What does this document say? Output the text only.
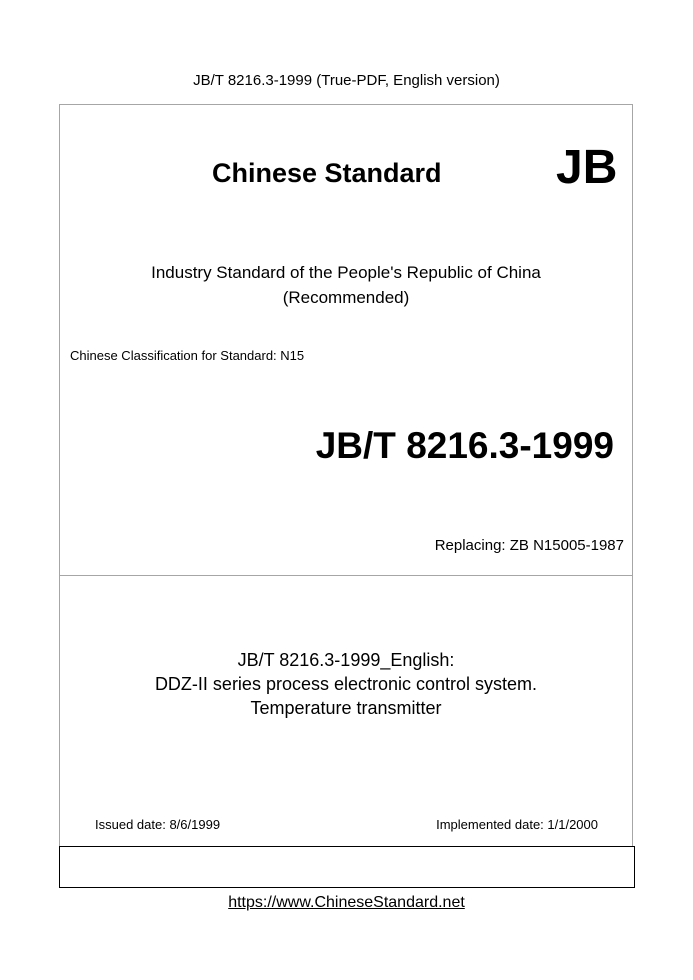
JB/T 8216.3-1999 (True-PDF, English version)
Chinese Standard JB
Industry Standard of the People's Republic of China
(Recommended)
Chinese Classification for Standard: N15
JB/T 8216.3-1999
Replacing: ZB N15005-1987
JB/T 8216.3-1999_English:
DDZ-II series process electronic control system.
Temperature transmitter
Issued date: 8/6/1999	Implemented date: 1/1/2000
https://www.ChineseStandard.net
